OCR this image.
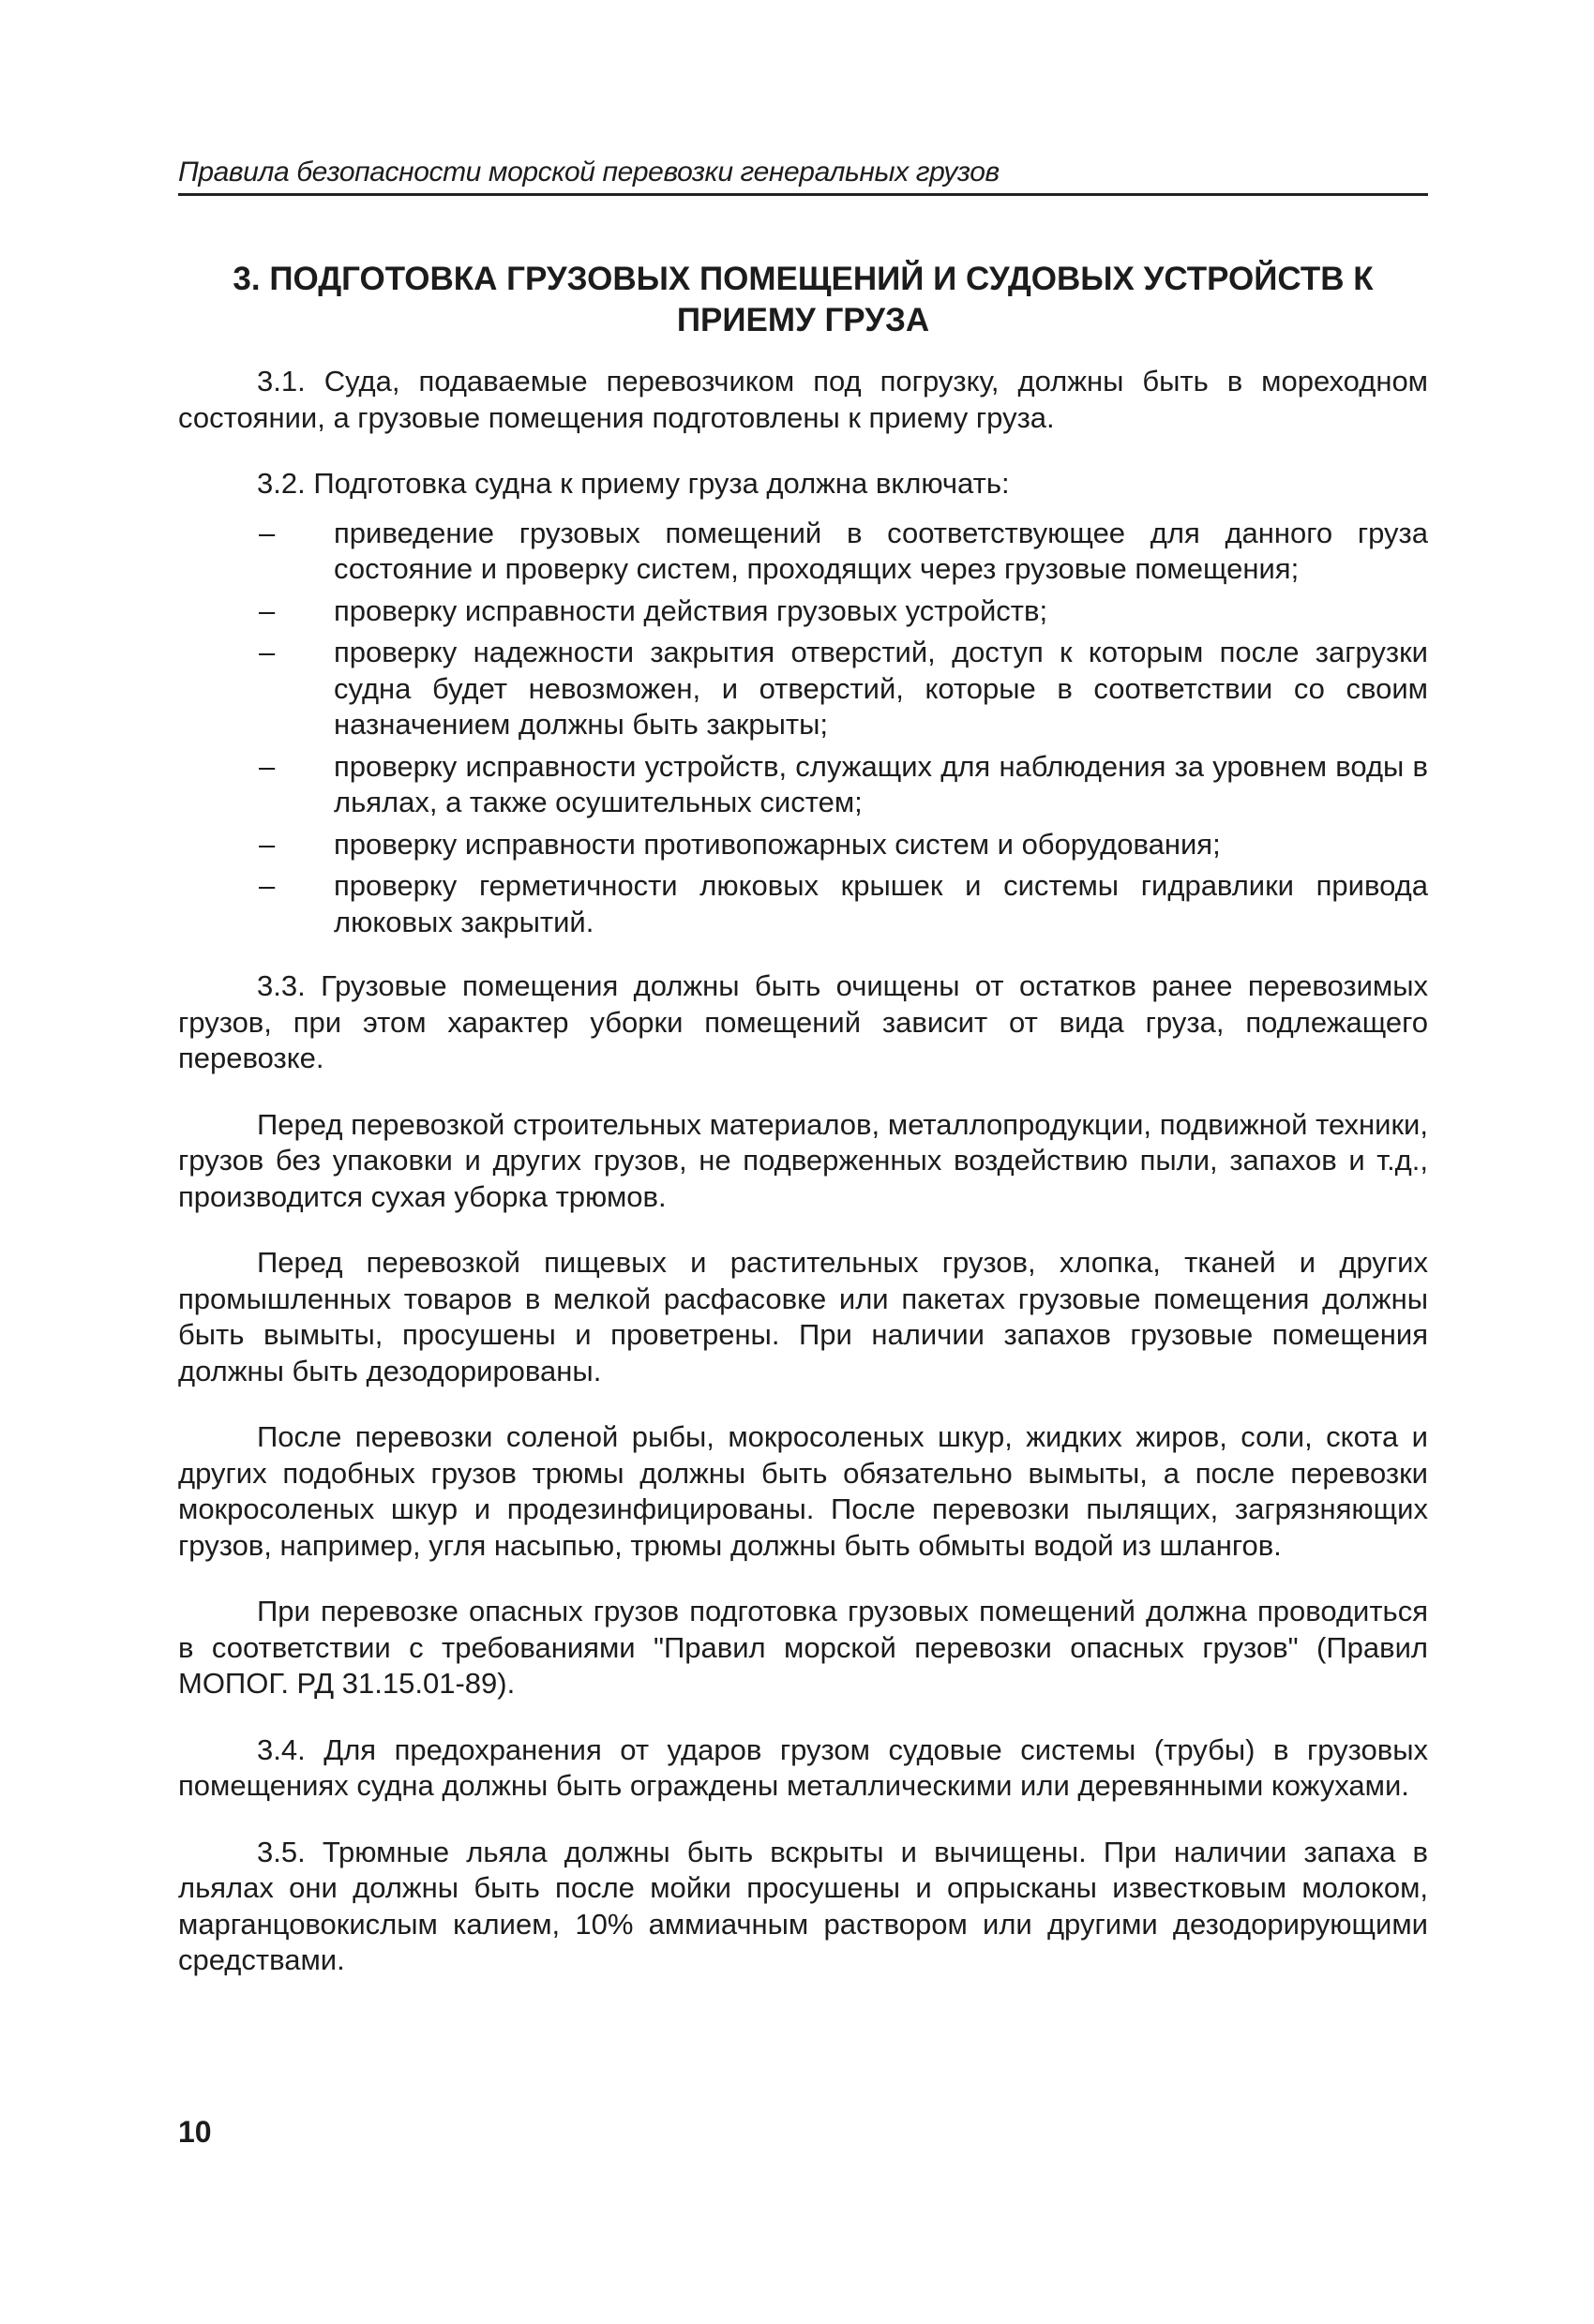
Правила безопасности морской перевозки генеральных грузов
3. ПОДГОТОВКА ГРУЗОВЫХ ПОМЕЩЕНИЙ И СУДОВЫХ УСТРОЙСТВ К ПРИЕМУ ГРУЗА

3.1. Суда, подаваемые перевозчиком под погрузку, должны быть в мореходном состоянии, а грузовые помещения подготовлены к приему груза.

3.2. Подготовка судна к приему груза должна включать:

– приведение грузовых помещений в соответствующее для данного груза состояние и проверку систем, проходящих через грузовые помещения;
– проверку исправности действия грузовых устройств;
– проверку надежности закрытия отверстий, доступ к которым после загрузки судна будет невозможен, и отверстий, которые в соответствии со своим назначением должны быть закрыты;
– проверку исправности устройств, служащих для наблюдения за уровнем воды в льялах, а также осушительных систем;
– проверку исправности противопожарных систем и оборудования;
– проверку герметичности люковых крышек и системы гидравлики привода люковых закрытий.

3.3. Грузовые помещения должны быть очищены от остатков ранее перевозимых грузов, при этом характер уборки помещений зависит от вида груза, подлежащего перевозке.

Перед перевозкой строительных материалов, металлопродукции, подвижной техники, грузов без упаковки и других грузов, не подверженных воздействию пыли, запахов и т.д., производится сухая уборка трюмов.

Перед перевозкой пищевых и растительных грузов, хлопка, тканей и других промышленных товаров в мелкой расфасовке или пакетах грузовые помещения должны быть вымыты, просушены и проветрены. При наличии запахов грузовые помещения должны быть дезодорированы.

После перевозки соленой рыбы, мокросоленых шкур, жидких жиров, соли, скота и других подобных грузов трюмы должны быть обязательно вымыты, а после перевозки мокросоленых шкур и продезинфицированы. После перевозки пылящих, загрязняющих грузов, например, угля насыпью, трюмы должны быть обмыты водой из шлангов.

При перевозке опасных грузов подготовка грузовых помещений должна проводиться в соответствии с требованиями "Правил морской перевозки опасных грузов" (Правил МОПОГ. РД 31.15.01-89).

3.4. Для предохранения от ударов грузом судовые системы (трубы) в грузовых помещениях судна должны быть ограждены металлическими или деревянными кожухами.

3.5. Трюмные льяла должны быть вскрыты и вычищены. При наличии запаха в льялах они должны быть после мойки просушены и опрысканы известковым молоком, марганцовокислым калием, 10% аммиачным раствором или другими дезодорирующими средствами.

10
